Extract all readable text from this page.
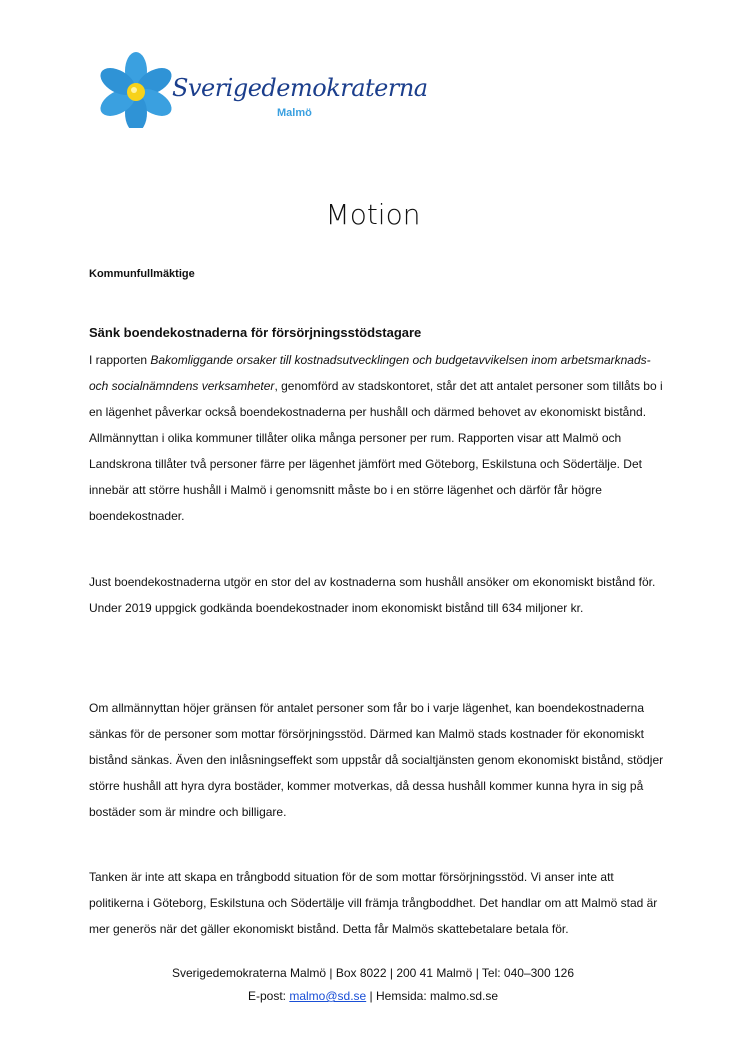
Sverigedemokraterna
Malmö
Motion
Kommunfullmäktige
Sänk boendekostnaderna för försörjningsstödstagare

I rapporten Bakomliggande orsaker till kostnadsutvecklingen och budgetavvikelsen inom arbetsmarknads- och socialnämndens verksamheter, genomförd av stadskontoret, står det att antalet personer som tillåts bo i en lägenhet påverkar också boendekostnaderna per hushåll och därmed behovet av ekonomiskt bistånd. Allmännyttan i olika kommuner tillåter olika många personer per rum. Rapporten visar att Malmö och Landskrona tillåter två personer färre per lägenhet jämfört med Göteborg, Eskilstuna och Södertälje. Det innebär att större hushåll i Malmö i genomsnitt måste bo i en större lägenhet och därför får högre boendekostnader.

Just boendekostnaderna utgör en stor del av kostnaderna som hushåll ansöker om ekonomiskt bistånd för. Under 2019 uppgick godkända boendekostnader inom ekonomiskt bistånd till 634 miljoner kr.

Om allmännyttan höjer gränsen för antalet personer som får bo i varje lägenhet, kan boendekostnaderna sänkas för de personer som mottar försörjningsstöd. Därmed kan Malmö stads kostnader för ekonomiskt bistånd sänkas. Även den inlåsningseffekt som uppstår då socialtjänsten genom ekonomiskt bistånd, stödjer större hushåll att hyra dyra bostäder, kommer motverkas, då dessa hushåll kommer kunna hyra in sig på bostäder som är mindre och billigare.

Tanken är inte att skapa en trångbodd situation för de som mottar försörjningsstöd. Vi anser inte att politikerna i Göteborg, Eskilstuna och Södertälje vill främja trångboddhet. Det handlar om att Malmö stad är mer generös när det gäller ekonomiskt bistånd. Detta får Malmös skattebetalare betala för.

Sverigedemokraterna Malmö | Box 8022 | 200 41 Malmö | Tel: 040–300 126
E-post: malmo@sd.se | Hemsida: malmo.sd.se
